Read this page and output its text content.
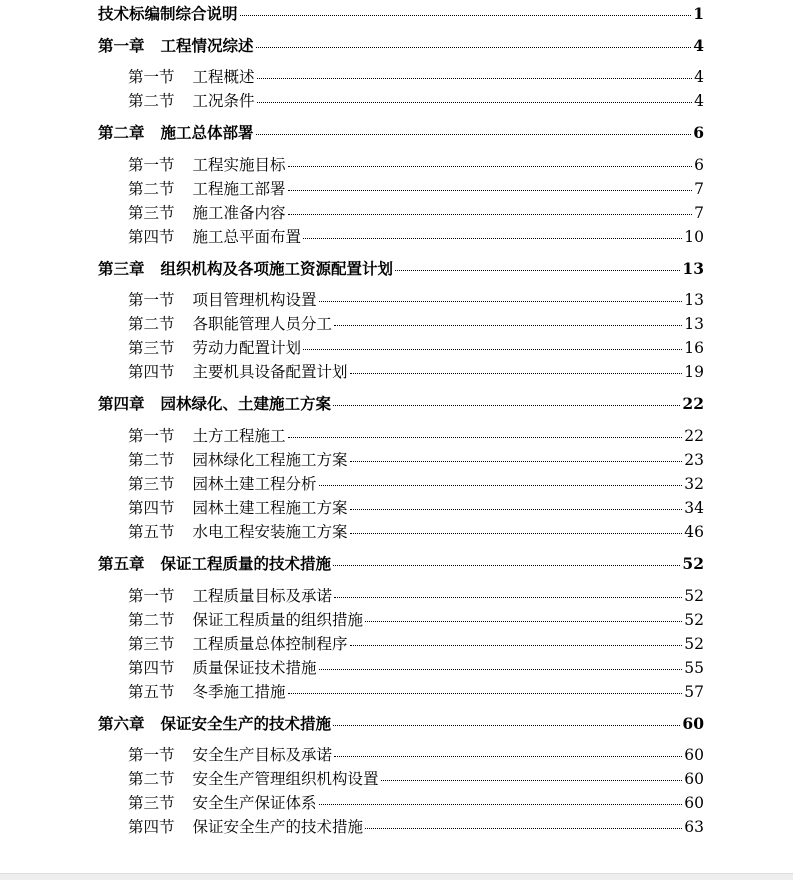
技术标编制综合说明	1
第一章 工程情况综述	4
第一节 工程概述	4
第二节 工况条件	4
第二章 施工总体部署	6
第一节 工程实施目标	6
第二节 工程施工部署	7
第三节 施工准备内容	7
第四节 施工总平面布置	10
第三章 组织机构及各项施工资源配置计划	13
第一节 项目管理机构设置	13
第二节 各职能管理人员分工	13
第三节 劳动力配置计划	16
第四节 主要机具设备配置计划	19
第四章 园林绿化、土建施工方案	22
第一节 土方工程施工	22
第二节 园林绿化工程施工方案	23
第三节 园林土建工程分析	32
第四节 园林土建工程施工方案	34
第五节 水电工程安装施工方案	46
第五章 保证工程质量的技术措施	52
第一节 工程质量目标及承诺	52
第二节 保证工程质量的组织措施	52
第三节 工程质量总体控制程序	52
第四节 质量保证技术措施	55
第五节 冬季施工措施	57
第六章 保证安全生产的技术措施	60
第一节 安全生产目标及承诺	60
第二节 安全生产管理组织机构设置	60
第三节 安全生产保证体系	60
第四节 保证安全生产的技术措施	63
